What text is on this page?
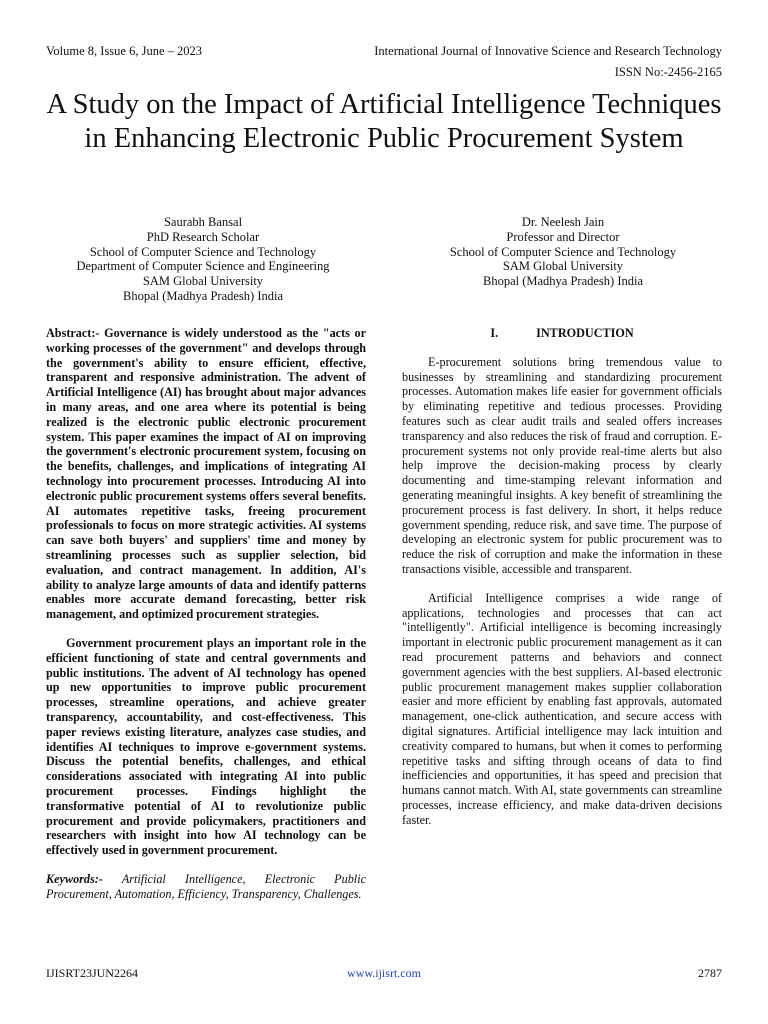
Volume 8, Issue 6, June – 2023	International Journal of Innovative Science and Research Technology
ISSN No:-2456-2165
A Study on the Impact of Artificial Intelligence Techniques in Enhancing Electronic Public Procurement System
Saurabh Bansal
PhD Research Scholar
School of Computer Science and Technology
Department of Computer Science and Engineering
SAM Global University
Bhopal (Madhya Pradesh) India
Dr. Neelesh Jain
Professor and Director
School of Computer Science and Technology
SAM Global University
Bhopal (Madhya Pradesh) India

Abstract:- Governance is widely understood as the "acts or working processes of the government" and develops through the government's ability to ensure efficient, effective, transparent and responsive administration. The advent of Artificial Intelligence (AI) has brought about major advances in many areas, and one area where its potential is being realized is the electronic public electronic procurement system. This paper examines the impact of AI on improving the government's electronic procurement system, focusing on the benefits, challenges, and implications of integrating AI technology into procurement processes. Introducing AI into electronic public procurement systems offers several benefits. AI automates repetitive tasks, freeing procurement professionals to focus on more strategic activities. AI systems can save both buyers' and suppliers' time and money by streamlining processes such as supplier selection, bid evaluation, and contract management. In addition, AI's ability to analyze large amounts of data and identify patterns enables more accurate demand forecasting, better risk management, and optimized procurement strategies.

Government procurement plays an important role in the efficient functioning of state and central governments and public institutions. The advent of AI technology has opened up new opportunities to improve public procurement processes, streamline operations, and achieve greater transparency, accountability, and cost-effectiveness. This paper reviews existing literature, analyzes case studies, and identifies AI techniques to improve e-government systems. Discuss the potential benefits, challenges, and ethical considerations associated with integrating AI into public procurement processes. Findings highlight the transformative potential of AI to revolutionize public procurement and provide policymakers, practitioners and researchers with insight into how AI technology can be effectively used in government procurement.

Keywords:- Artificial Intelligence, Electronic Public Procurement, Automation, Efficiency, Transparency, Challenges.

I.	INTRODUCTION

E-procurement solutions bring tremendous value to businesses by streamlining and standardizing procurement processes. Automation makes life easier for government officials by eliminating repetitive and tedious processes. Providing features such as clear audit trails and sealed offers increases transparency and also reduces the risk of fraud and corruption. E-procurement systems not only provide real-time alerts but also help improve the decision-making process by clearly documenting and time-stamping relevant information and generating meaningful insights. A key benefit of streamlining the procurement process is fast delivery. In short, it helps reduce government spending, reduce risk, and save time. The purpose of developing an electronic system for public procurement was to reduce the risk of corruption and make the information in these transactions visible, accessible and transparent.

Artificial Intelligence comprises a wide range of applications, technologies and processes that can act "intelligently". Artificial intelligence is becoming increasingly important in electronic public procurement management as it can read procurement patterns and behaviors and connect government agencies with the best suppliers. AI-based electronic public procurement management makes supplier collaboration easier and more efficient by enabling fast approvals, automated management, one-click authentication, and secure access with digital signatures. Artificial intelligence may lack intuition and creativity compared to humans, but when it comes to performing repetitive tasks and sifting through oceans of data to find inefficiencies and opportunities, it has speed and precision that humans cannot match. With AI, state governments can streamline processes, increase efficiency, and make data-driven decisions faster.

IJISRT23JUN2264	www.ijisrt.com	2787
